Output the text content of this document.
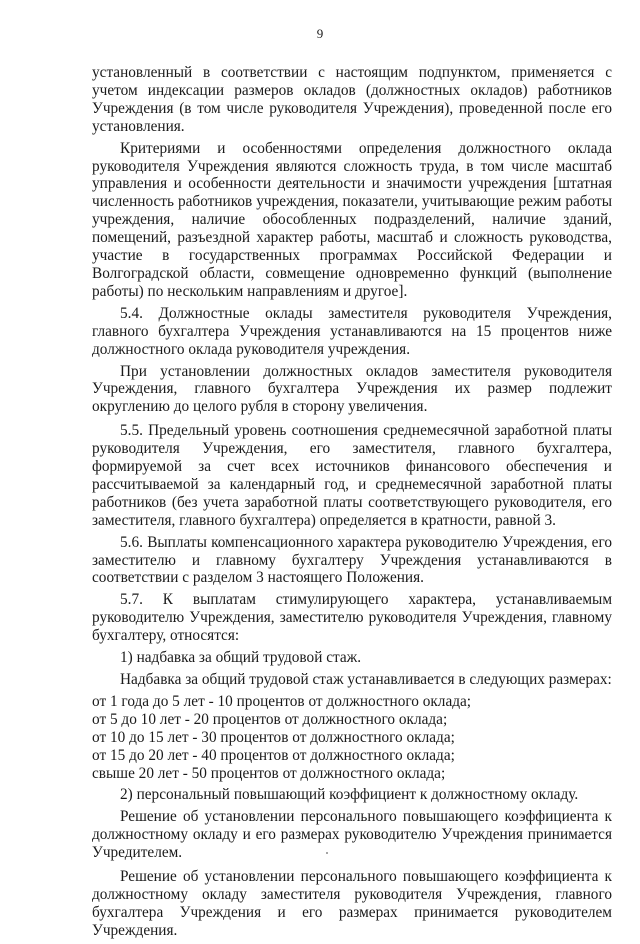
9

установленный в соответствии с настоящим подпунктом, применяется с учетом индексации размеров окладов (должностных окладов) работников Учреждения (в том числе руководителя Учреждения), проведенной после его установления.

Критериями и особенностями определения должностного оклада руководителя Учреждения являются сложность труда, в том числе масштаб управления и особенности деятельности и значимости учреждения [штатная численность работников учреждения, показатели, учитывающие режим работы учреждения, наличие обособленных подразделений, наличие зданий, помещений, разъездной характер работы, масштаб и сложность руководства, участие в государственных программах Российской Федерации и Волгоградской области, совмещение одновременно функций (выполнение работы) по нескольким направлениям и другое].

5.4. Должностные оклады заместителя руководителя Учреждения, главного бухгалтера Учреждения устанавливаются на 15 процентов ниже должностного оклада руководителя учреждения.

При установлении должностных окладов заместителя руководителя Учреждения, главного бухгалтера Учреждения их размер подлежит округлению до целого рубля в сторону увеличения.

5.5. Предельный уровень соотношения среднемесячной заработной платы руководителя Учреждения, его заместителя, главного бухгалтера, формируемой за счет всех источников финансового обеспечения и рассчитываемой за календарный год, и среднемесячной заработной платы работников (без учета заработной платы соответствующего руководителя, его заместителя, главного бухгалтера) определяется в кратности, равной 3.

5.6. Выплаты компенсационного характера руководителю Учреждения, его заместителю и главному бухгалтеру Учреждения устанавливаются в соответствии с разделом 3 настоящего Положения.

5.7. К выплатам стимулирующего характера, устанавливаемым руководителю Учреждения, заместителю руководителя Учреждения, главному бухгалтеру, относятся:

1) надбавка за общий трудовой стаж.

Надбавка за общий трудовой стаж устанавливается в следующих размерах:

от 1 года до 5 лет - 10 процентов от должностного оклада;

от 5 до 10 лет - 20 процентов от должностного оклада;

от 10 до 15 лет - 30 процентов от должностного оклада;

от 15 до 20 лет - 40 процентов от должностного оклада;

свыше 20 лет - 50 процентов от должностного оклада;

2) персональный повышающий коэффициент к должностному окладу.

Решение об установлении персонального повышающего коэффициента к должностному окладу и его размерах руководителю Учреждения принимается Учредителем.

Решение об установлении персонального повышающего коэффициента к должностному окладу заместителя руководителя Учреждения, главного бухгалтера Учреждения и его размерах принимается руководителем Учреждения.
